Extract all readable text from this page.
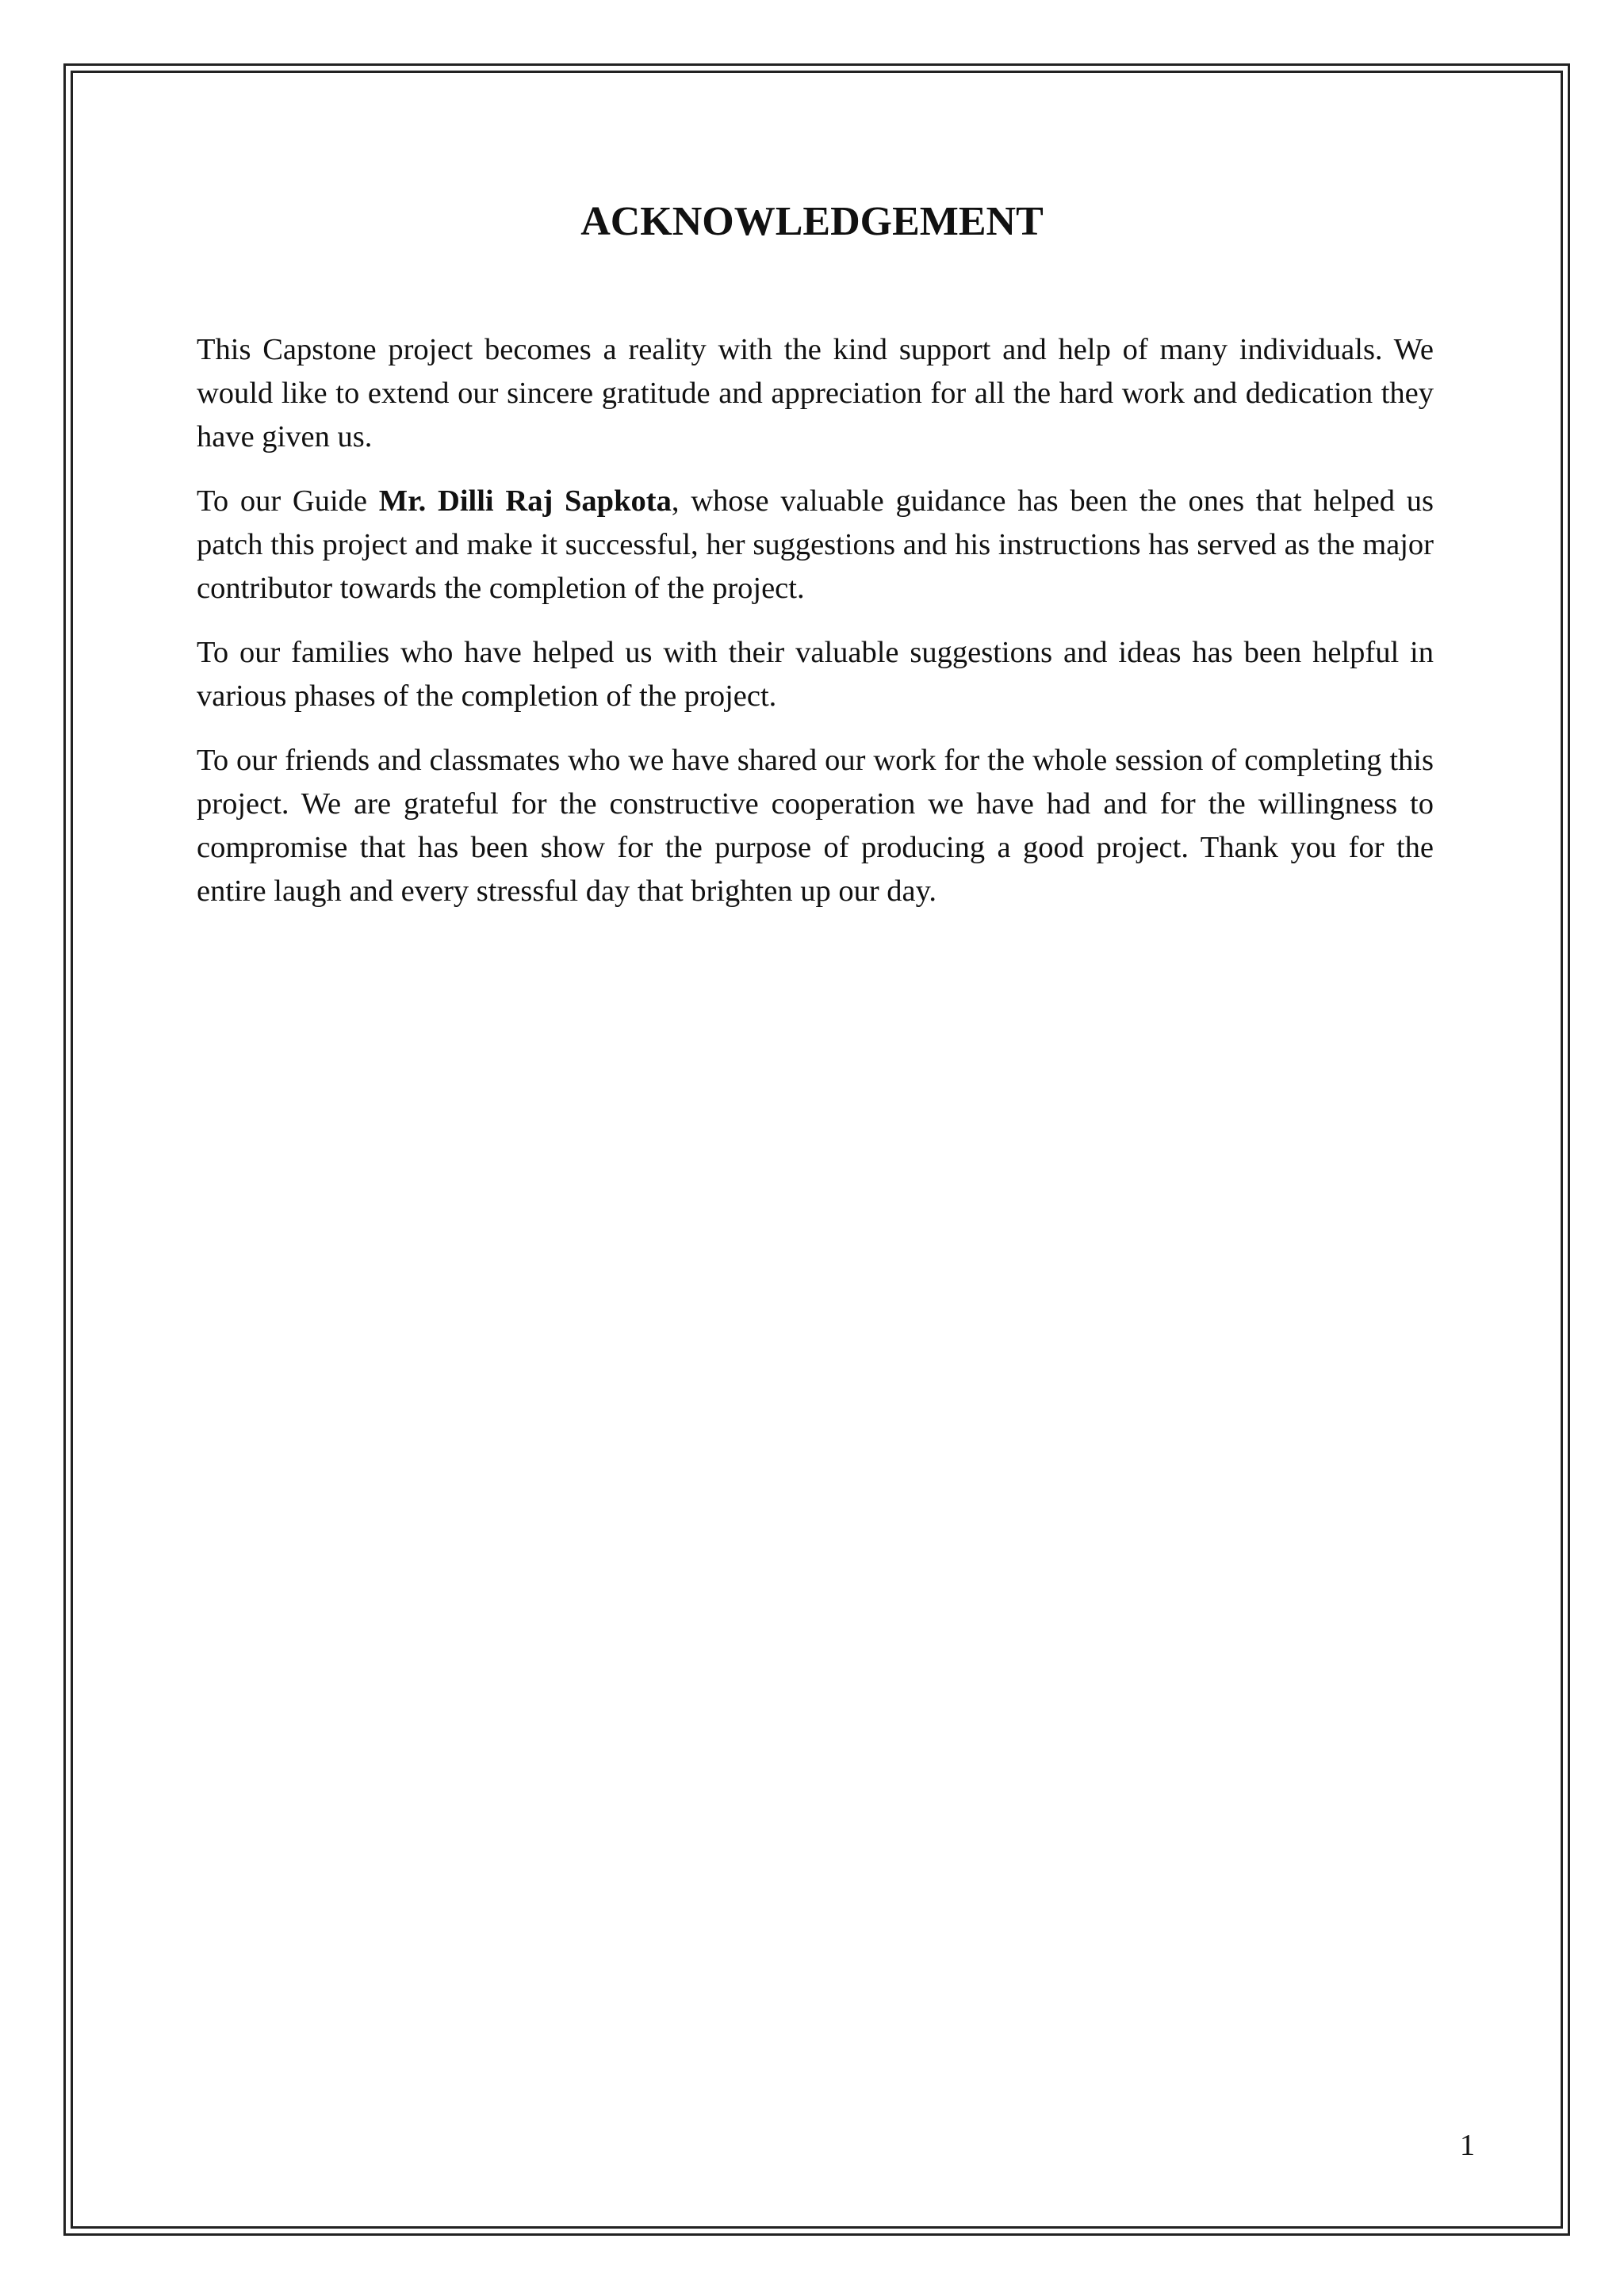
ACKNOWLEDGEMENT

This Capstone project becomes a reality with the kind support and help of many individuals. We would like to extend our sincere gratitude and appreciation for all the hard work and dedication they have given us.

To our Guide Mr. Dilli Raj Sapkota, whose valuable guidance has been the ones that helped us patch this project and make it successful, her suggestions and his instructions has served as the major contributor towards the completion of the project.

To our families who have helped us with their valuable suggestions and ideas has been helpful in various phases of the completion of the project.

To our friends and classmates who we have shared our work for the whole session of completing this project. We are grateful for the constructive cooperation we have had and for the willingness to compromise that has been show for the purpose of producing a good project. Thank you for the entire laugh and every stressful day that brighten up our day.

1
